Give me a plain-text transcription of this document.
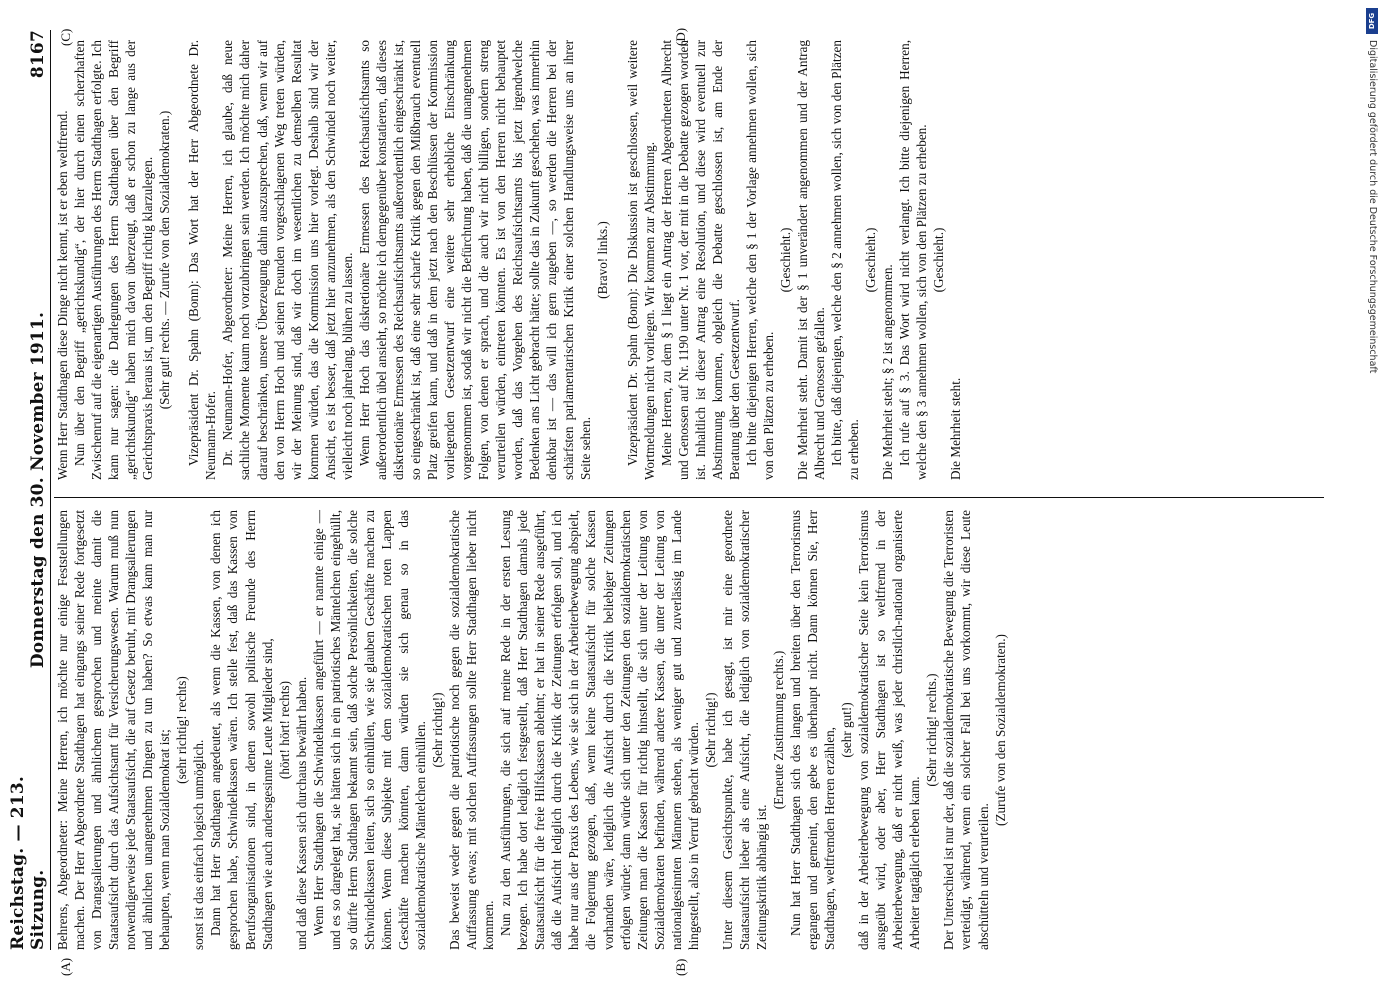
Reichstag. — 213. Sitzung.
Donnerstag den 30. November 1911.
8167
(A)	(B)
(C)	(D)

Behrens, Abgeordneter: Meine Herren, ich möchte nur einige Feststellungen machen. Der Herr Abgeordnete Stadthagen hat eingangs seiner Rede fortgesetzt von Drangsalierungen und ähnlichem gesprochen und meinte damit die Staatsaufsicht durch das Aufsichtsamt für Versicherungswesen. Warum muß nun notwendigerweise jede Staatsaufsicht, die auf Gesetz beruht, mit Drangsalierungen und ähnlichen unangenehmen Dingen zu tun haben? So etwas kann man nur behaupten, wenn man Sozialdemokrat ist; (sehr richtig! rechts)

sonst ist das einfach logisch unmöglich. Dann hat Herr Stadthagen angedeutet, als wenn die Kassen, von denen ich gesprochen habe, Schwindelkassen wären. Ich stelle fest, daß das Kassen von Berufsorganisationen sind, in denen sowohl politische Freunde des Herrn Stadthagen wie auch andersgesinnte Leute Mitglieder sind, (hört! hört! rechts) und daß diese Kassen sich durchaus bewährt haben. Wenn Herr Stadthagen die Schwindelkassen angeführt — er nannte einige — und es so dargelegt hat, sie hätten sich in ein patriotisches Mäntelchen eingehüllt, so dürfte Herrn Stadthagen bekannt sein, daß solche Persönlichkeiten, die solche Schwindelkassen leiten, sich so einhüllen, wie sie glauben Geschäfte machen zu können. Wenn diese Subjekte mit dem sozialdemokratischen roten Lappen Geschäfte machen könnten, dann würden sie sich genau so in das sozialdemokratische Mäntelchen einhüllen. (Sehr richtig!) Das beweist weder gegen die patriotische noch gegen die sozialdemokratische Auffassung etwas; mit solchen Auffassungen sollte Herr Stadthagen lieber nicht kommen. Nun zu den Ausführungen, die sich auf meine Rede in der ersten Lesung bezogen. Ich habe dort lediglich festgestellt, daß Herr Stadthagen damals jede Staatsaufsicht für die freie Hilfskassen ablehnt; er hat in seiner Rede ausgeführt, daß die Aufsicht lediglich durch die Kritik der Zeitungen erfolgen soll, und ich habe nur aus der Praxis des Lebens, wie sie sich in der Arbeiterbewegung abspielt, die Folgerung gezogen, daß, wenn keine Staatsaufsicht für solche Kassen vorhanden wäre, lediglich die Aufsicht durch die Kritik beliebiger Zeitungen erfolgen würde; dann würde sich unter den Zeitungen den sozialdemokratischen Zeitungen man die Kassen für richtig hinstellt, die sich unter der Leitung von Sozialdemokraten befinden, während andere Kassen, die unter der Leitung von nationalgesinnten Männern stehen, als weniger gut und zuverlässig im Lande hingestellt, also in Verruf gebracht würden. (Sehr richtig!) Unter diesem Gesichtspunkte, habe ich gesagt, ist mir eine geordnete Staatsaufsicht lieber als eine Aufsicht, die lediglich von sozialdemokratischer Zeitungskritik abhängig ist.

(Erneute Zustimmung rechts.) Nun hat Herr Stadthagen sich des langen und breiten über den Terrorismus ergangen und gemeint, den gebe es überhaupt nicht. Dann können Sie, Herr Stadthagen, weltfremden Herren erzählen, (sehr gut!) daß in der Arbeiterbewegung von sozialdemokratischer Seite kein Terrorismus ausgeübt wird, oder aber, Herr Stadthagen ist so weltfremd in der Arbeiterbewegung, daß er nicht weiß, was jeder christlich-national organisierte Arbeiter tagtäglich erleben kann.

(Sehr richtig! rechts.) Der Unterschied ist nur der, daß die sozialdemokratische Bewegung die Terroristen verteidigt, während, wenn ein solcher Fall bei uns vorkommt, wir diese Leute abschütteln und verurteilen.

(Zurufe von den Sozialdemokraten.)

Wenn Herr Stadthagen diese Dinge nicht kennt, ist er eben weltfremd. Nun über den Begriff „gerichtskundig“, der hier durch einen scherzhaften Zwischenruf auf die eigenartigen Ausführungen des Herrn Stadthagen erfolgte. Ich kann nur sagen: die Darlegungen des Herrn Stadthagen über den Begriff „gerichtskundig“ haben mich davon überzeugt, daß er schon zu lange aus der Gerichtspraxis heraus ist, um den Begriff richtig klarzulegen. (Sehr gut! rechts. — Zurufe von den Sozialdemokraten.) Vizepräsident Dr. Spahn (Bonn): Das Wort hat der Herr Abgeordnete Dr. Neumann-Hofer. Dr. Neumann-Hofer, Abgeordneter: Meine Herren, ich glaube, daß neue sachliche Momente kaum noch vorzubringen sein werden. Ich möchte mich daher darauf beschränken, unsere Überzeugung dahin auszusprechen, daß, wenn wir auf den von Herrn Hoch und seinen Freunden vorgeschlagenen Weg treten würden, wir der Meinung sind, daß wir doch im wesentlichen zu demselben Resultat kommen würden, das die Kommission uns hier vorlegt. Deshalb sind wir der Ansicht, es ist besser, daß jetzt hier anzunehmen, als den Schwindel noch weiter, vielleicht noch jahrelang, blühen zu lassen. Wenn Herr Hoch das diskretionäre Ermessen des Reichsaufsichtsamts so außerordentlich übel ansieht, so möchte ich demgegenüber konstatieren, daß dieses diskretionäre Ermessen des Reichsaufsichtsamts außerordentlich eingeschränkt ist, so eingeschränkt ist, daß eine sehr scharfe Kritik gegen den Mißbrauch eventuell Platz greifen kann, und daß in dem jetzt nach den Beschlüssen der Kommission vorliegenden Gesetzentwurf eine weitere sehr erhebliche Einschränkung vorgenommen ist, sodaß wir nicht die Befürchtung haben, daß die unangenehmen Folgen, von denen er sprach, und die auch wir nicht billigen, sondern streng verurteilen würden, eintreten könnten. Es ist von den Herren nicht behauptet worden, daß das Vorgehen des Reichsaufsichtsamts bis jetzt irgendwelche Bedenken ans Licht gebracht hätte; sollte das in Zukunft geschehen, was immerhin denkbar ist — das will ich gern zugeben —, so werden die Herren bei der schärfsten parlamentarischen Kritik einer solchen Handlungsweise uns an ihrer Seite sehen.

(Bravo! links.) Vizepräsident Dr. Spahn (Bonn): Die Diskussion ist geschlossen, weil weitere Wortmeldungen nicht vorliegen. Wir kommen zur Abstimmung. Meine Herren, zu dem § 1 liegt ein Antrag der Herren Abgeordneten Albrecht und Genossen auf Nr. 1190 unter Nr. 1 vor, der mit in die Debatte gezogen worden ist. Inhaltlich ist dieser Antrag eine Resolution, und diese wird eventuell zur Abstimmung kommen, obgleich die Debatte geschlossen ist, am Ende der Beratung über den Gesetzentwurf. Ich bitte diejenigen Herren, welche den § 1 der Vorlage annehmen wollen, sich von den Plätzen zu erheben.

(Geschieht.) Die Mehrheit steht. Damit ist der § 1 unverändert angenommen und der Antrag Albrecht und Genossen gefallen. Ich bitte, daß diejenigen, welche den § 2 annehmen wollen, sich von den Plätzen zu erheben.

(Geschieht.)

Die Mehrheit steht; § 2 ist angenommen. Ich rufe auf § 3. Das Wort wird nicht verlangt. Ich bitte diejenigen Herren, welche den § 3 annehmen wollen, sich von den Plätzen zu erheben. (Geschieht.)

Die Mehrheit steht.

DFG
Digitalisierung gefördert durch die Deutsche Forschungsgemeinschaft
